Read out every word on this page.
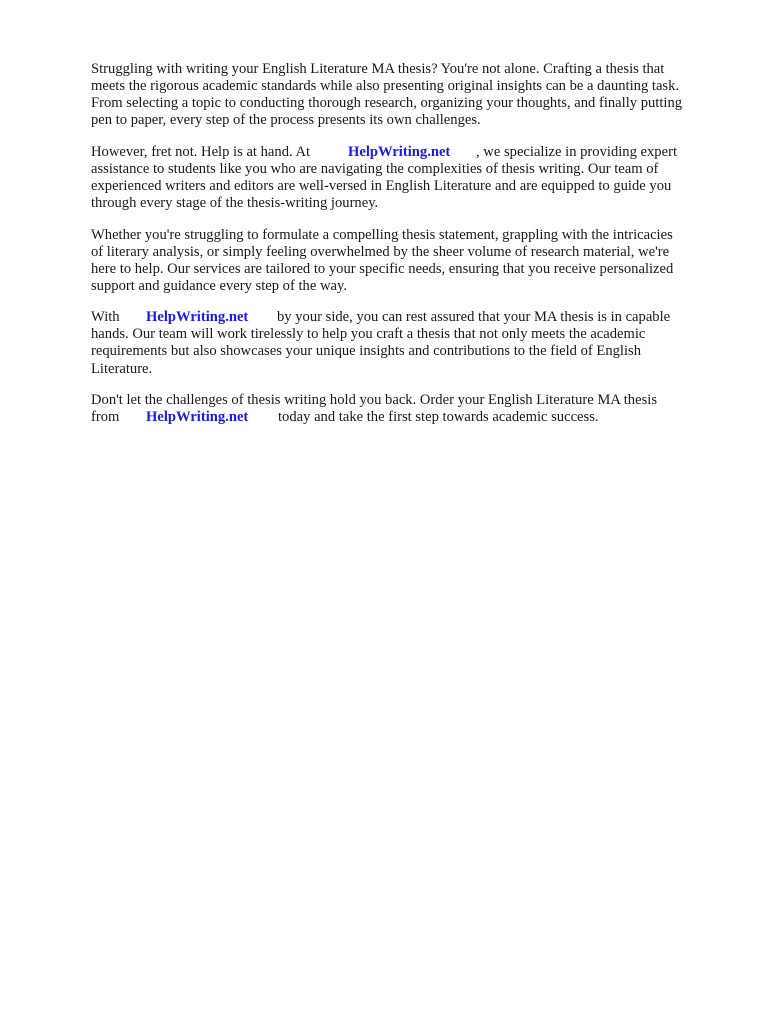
Struggling with writing your English Literature MA thesis? You're not alone. Crafting a thesis that
meets the rigorous academic standards while also presenting original insights can be a daunting task.
From selecting a topic to conducting thorough research, organizing your thoughts, and finally putting
pen to paper, every step of the process presents its own challenges.

However, fret not. Help is at hand. At	HelpWriting.net , we specialize in providing expert
assistance to students like you who are navigating the complexities of thesis writing. Our team of
experienced writers and editors are well-versed in English Literature and are equipped to guide you
through every stage of the thesis-writing journey.

Whether you're struggling to formulate a compelling thesis statement, grappling with the intricacies
of literary analysis, or simply feeling overwhelmed by the sheer volume of research material, we're
here to help. Our services are tailored to your specific needs, ensuring that you receive personalized
support and guidance every step of the way.

With HelpWriting.net by your side, you can rest assured that your MA thesis is in capable
hands. Our team will work tirelessly to help you craft a thesis that not only meets the academic
requirements but also showcases your unique insights and contributions to the field of English
Literature.

Don't let the challenges of thesis writing hold you back. Order your English Literature MA thesis
from HelpWriting.net today and take the first step towards academic success.
